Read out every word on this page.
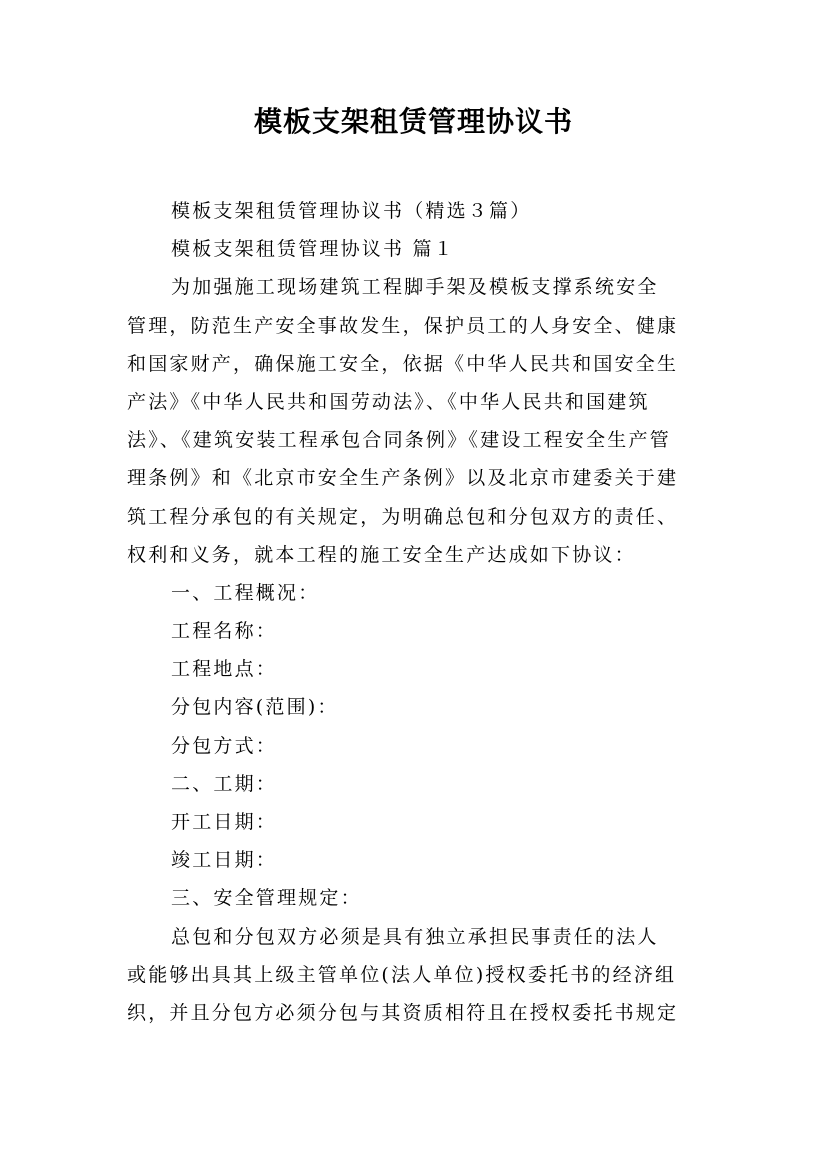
模板支架租赁管理协议书
模板支架租赁管理协议书（精选３篇）
模板支架租赁管理协议书 篇１
为加强施工现场建筑工程脚手架及模板支撑系统安全
管理，防范生产安全事故发生，保护员工的人身安全、健康
和国家财产，确保施工安全，依据《中华人民共和国安全生
产法》《中华人民共和国劳动法》、《中华人民共和国建筑
法》、《建筑安装工程承包合同条例》《建设工程安全生产管
理条例》和《北京市安全生产条例》以及北京市建委关于建
筑工程分承包的有关规定，为明确总包和分包双方的责任、
权利和义务，就本工程的施工安全生产达成如下协议：
一、工程概况：
工程名称：
工程地点：
分包内容(范围)：
分包方式：
二、工期：
开工日期：
竣工日期：
三、安全管理规定：
总包和分包双方必须是具有独立承担民事责任的法人
或能够出具其上级主管单位(法人单位)授权委托书的经济组
织，并且分包方必须分包与其资质相符且在授权委托书规定
